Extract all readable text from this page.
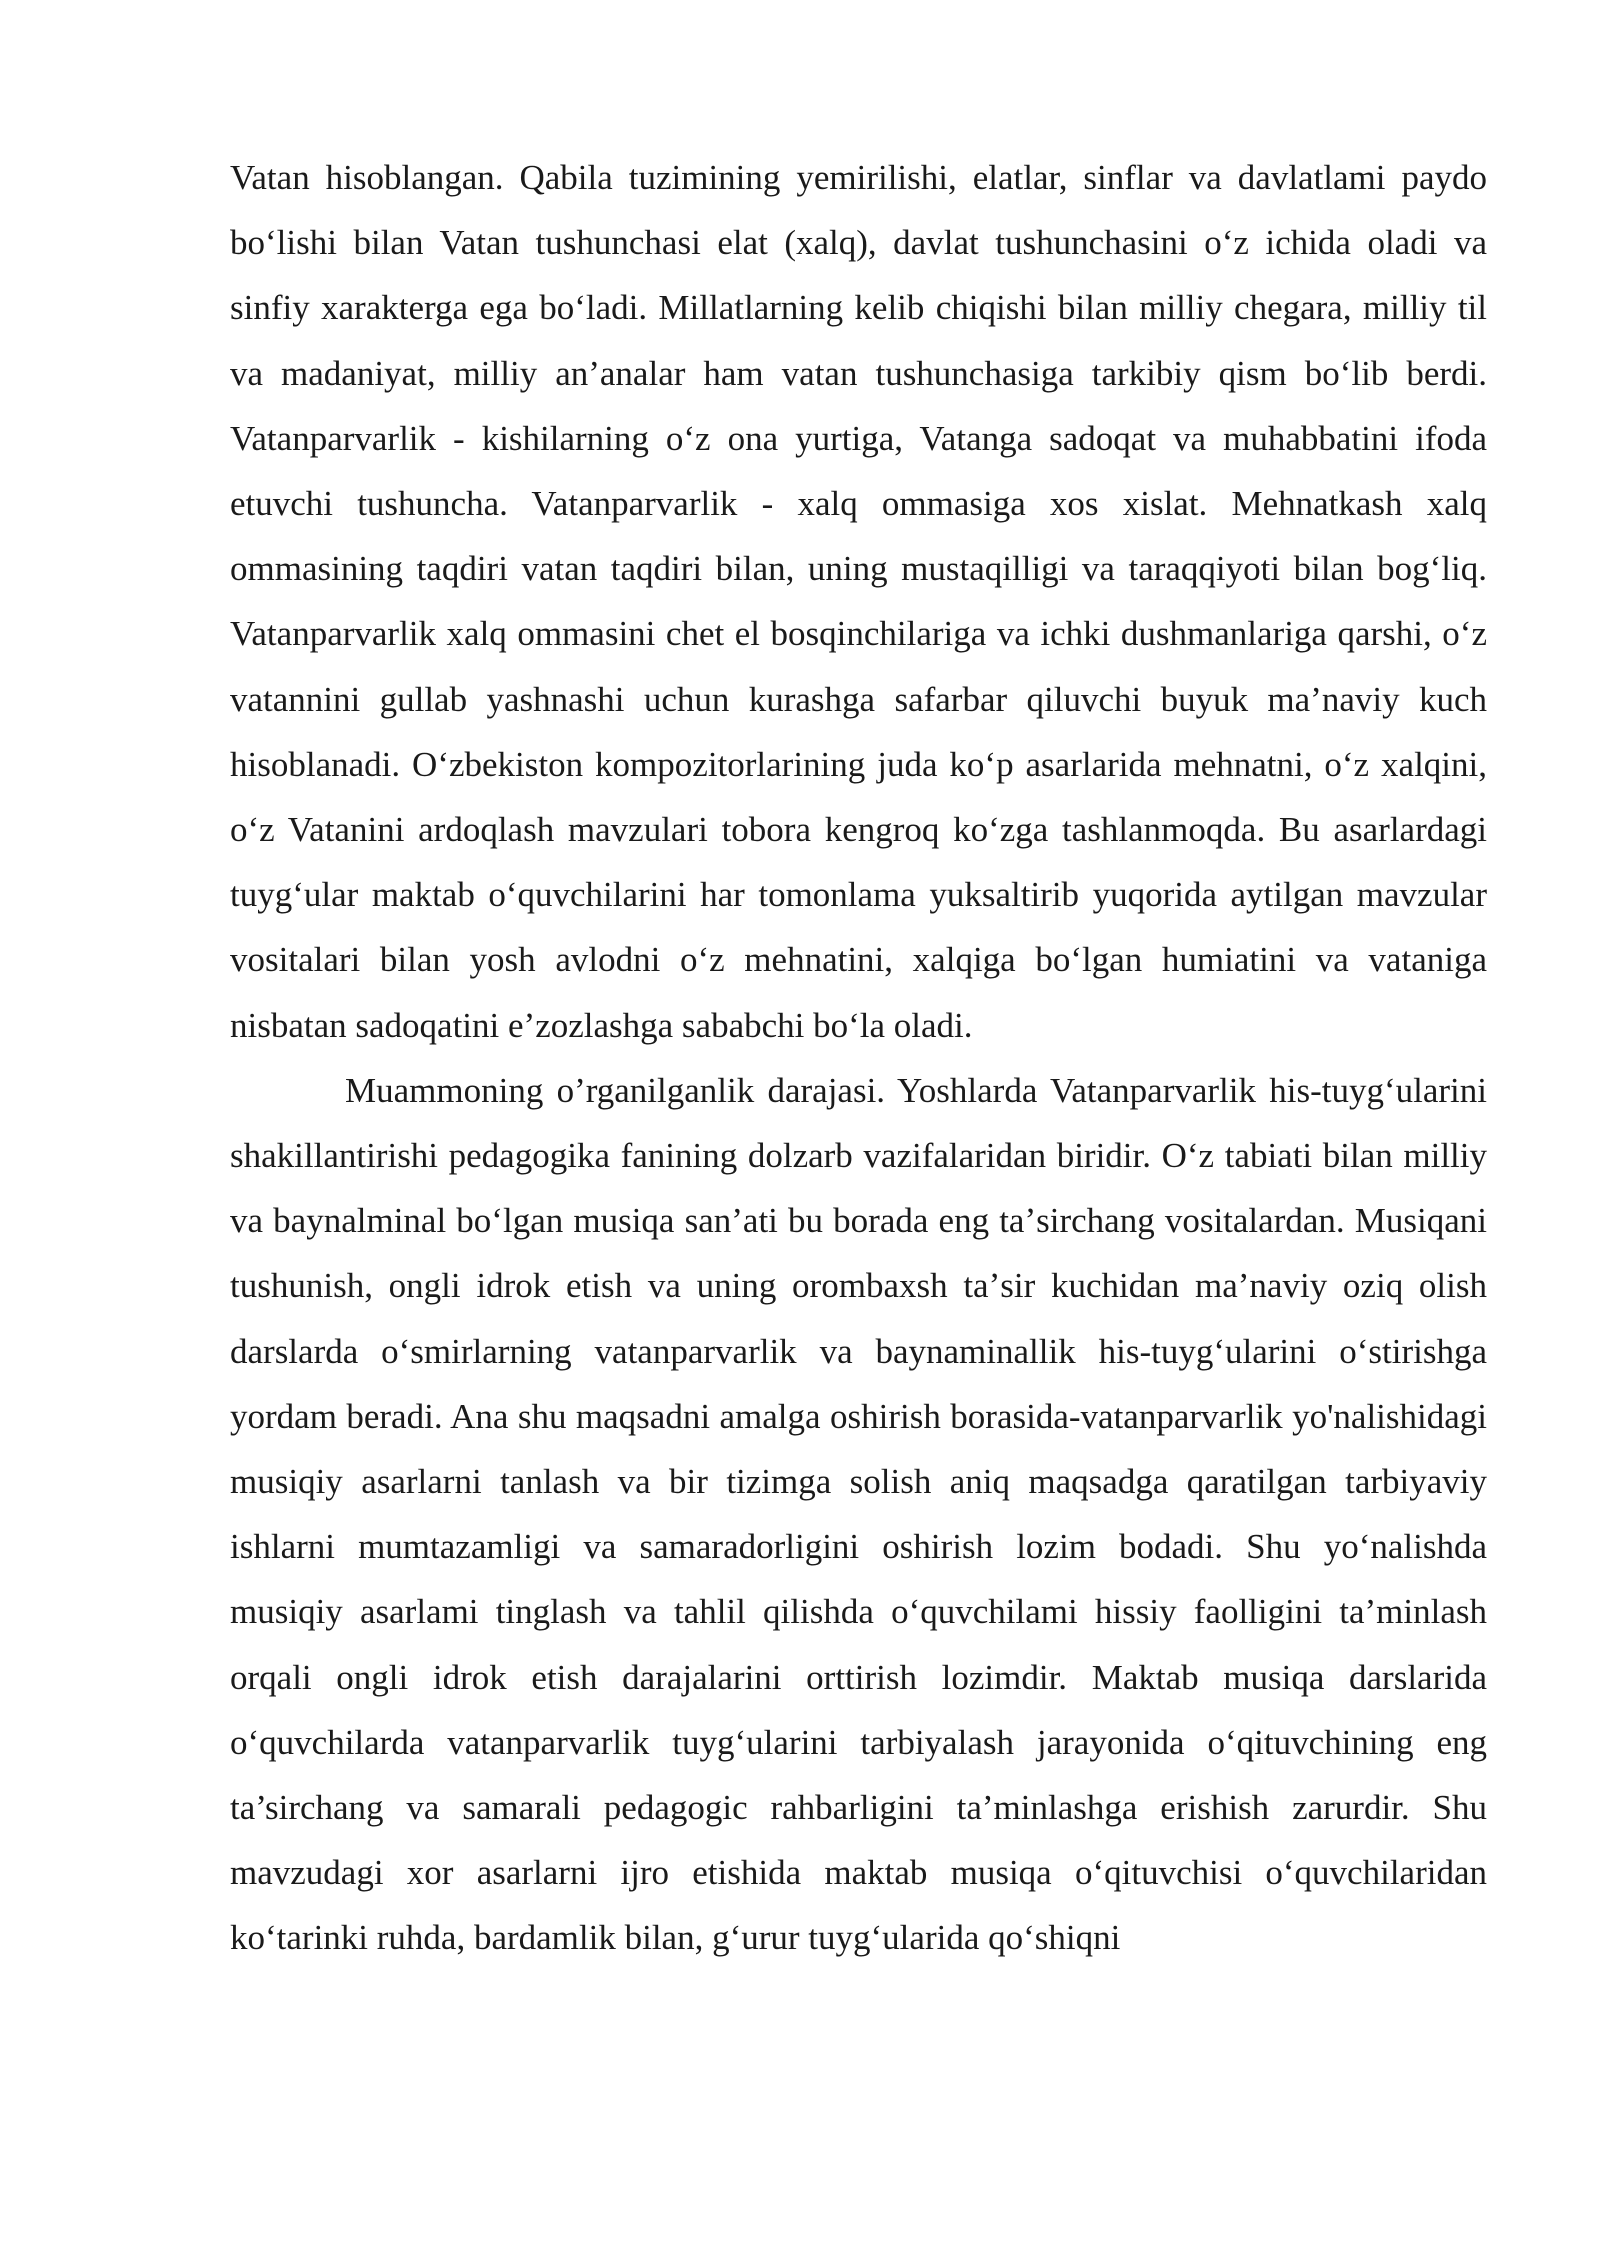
Vatan hisoblangan. Qabila tuzimining yemirilishi, elatlar, sinflar va davlatlami paydo boʻlishi bilan Vatan tushunchasi elat (xalq), davlat tushunchasini oʻz ichida oladi va sinfiy xarakterga ega boʻladi. Millatlarning kelib chiqishi bilan milliy chegara, milliy til va madaniyat, milliy an’analar ham vatan tushunchasiga tarkibiy qism boʻlib berdi. Vatanparvarlik - kishilarning oʻz ona yurtiga, Vatanga sadoqat va muhabbatini ifoda etuvchi tushuncha. Vatanparvarlik - xalq ommasiga xos xislat. Mehnatkash xalq ommasining taqdiri vatan taqdiri bilan, uning mustaqilligi va taraqqiyoti bilan bogʻliq. Vatanparvarlik xalq ommasini chet el bosqinchilariga va ichki dushmanlariga qarshi, oʻz vatannini gullab yashnashi uchun kurashga safarbar qiluvchi buyuk ma’naviy kuch hisoblanadi. Oʻzbekiston kompozitorlarining juda koʻp asarlarida mehnatni, oʻz xalqini, oʻz Vatanini ardoqlash mavzulari tobora kengroq koʻzga tashlanmoqda. Bu asarlardagi tuygʻular maktab oʻquvchilarini har tomonlama yuksaltirib yuqorida aytilgan mavzular vositalari bilan yosh avlodni oʻz mehnatini, xalqiga boʻlgan humiatini va vataniga nisbatan sadoqatini eʼzozlashga sababchi boʻla oladi.

Muammoning o’rganilganlik darajasi. Yoshlarda Vatanparvarlik his-tuygʻularini shakillantirishi pedagogika fanining dolzarb vazifalaridan biridir. Oʻz tabiati bilan milliy va baynalminal boʻlgan musiqa san’ati bu borada eng taʼsirchang vositalardan. Musiqani tushunish, ongli idrok etish va uning orombaxsh taʼsir kuchidan ma’naviy oziq olish darslarda oʻsmirlarning vatanparvarlik va baynaminallik his-tuygʻularini oʻstirishga yordam beradi. Ana shu maqsadni amalga oshirish borasida-vatanparvarlik yo'nalishidagi musiqiy asarlarni tanlash va bir tizimga solish aniq maqsadga qaratilgan tarbiyaviy ishlarni mumtazamligi va samaradorligini oshirish lozim bodadi. Shu yoʻnalishda musiqiy asarlami tinglash va tahlil qilishda oʻquvchilami hissiy faolligini ta’minlash orqali ongli idrok etish darajalarini orttirish lozimdir. Maktab musiqa darslarida oʻquvchilarda vatanparvarlik tuygʻularini tarbiyalash jarayonida oʻqituvchining eng ta’sirchang va samarali pedagogic rahbarligini ta’minlashga erishish zarurdir. Shu mavzudagi xor asarlarni ijro etishida maktab musiqa oʻqituvchisi oʻquvchilaridan koʻtarinki ruhda, bardamlik bilan, gʻurur tuygʻularida qoʻshiqni
